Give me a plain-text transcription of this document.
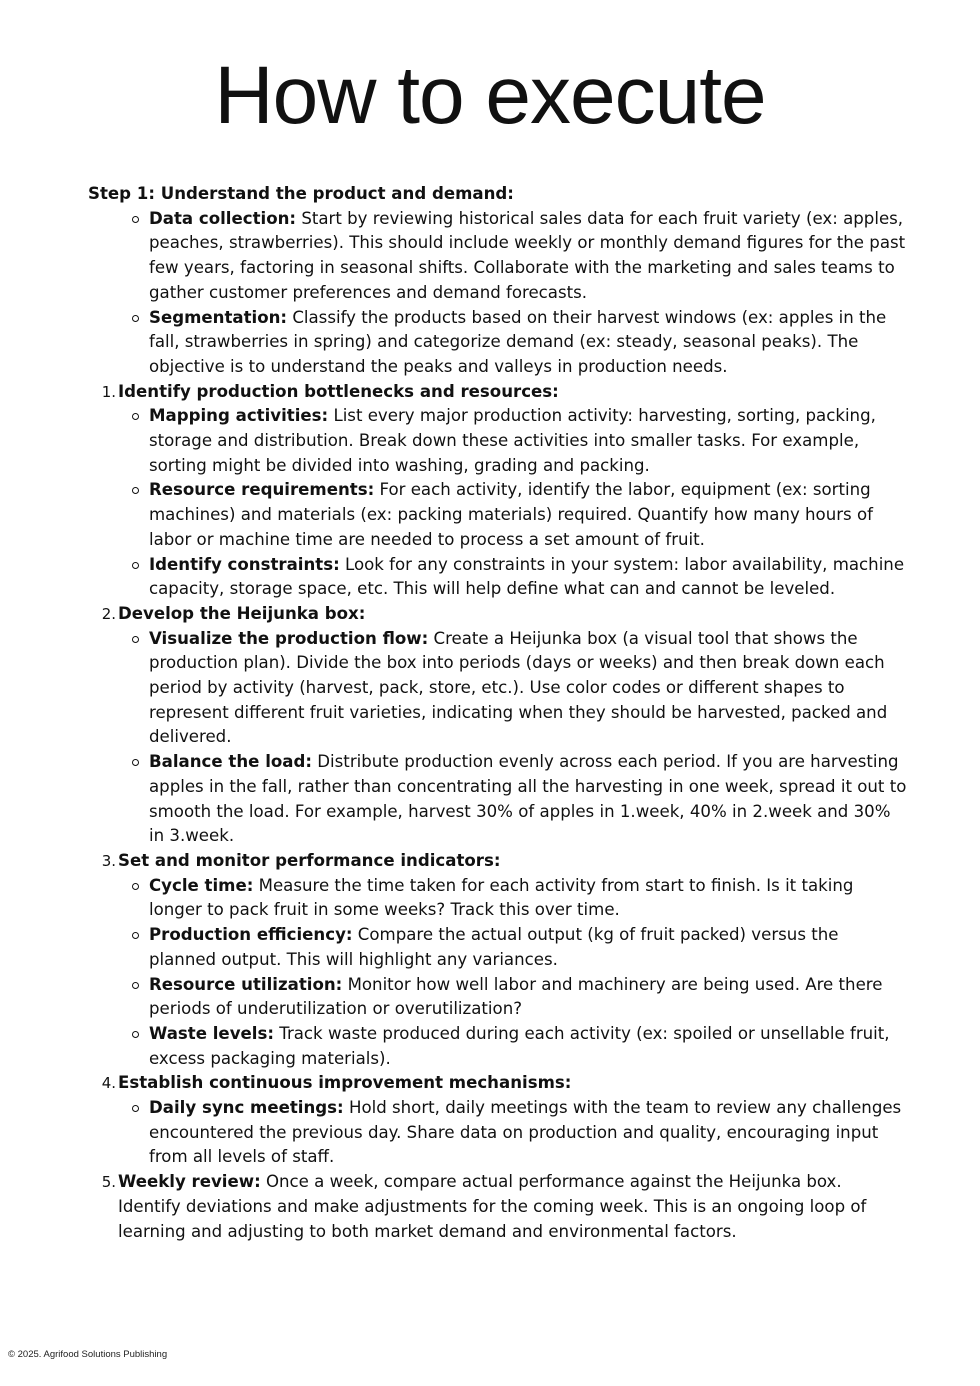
How to execute
Step 1: Understand the product and demand:
Data collection: Start by reviewing historical sales data for each fruit variety (ex: apples, peaches, strawberries). This should include weekly or monthly demand figures for the past few years, factoring in seasonal shifts. Collaborate with the marketing and sales teams to gather customer preferences and demand forecasts.
Segmentation: Classify the products based on their harvest windows (ex: apples in the fall, strawberries in spring) and categorize demand (ex: steady, seasonal peaks). The objective is to understand the peaks and valleys in production needs.
1. Identify production bottlenecks and resources:
Mapping activities: List every major production activity: harvesting, sorting, packing, storage and distribution. Break down these activities into smaller tasks. For example, sorting might be divided into washing, grading and packing.
Resource requirements: For each activity, identify the labor, equipment (ex: sorting machines) and materials (ex: packing materials) required. Quantify how many hours of labor or machine time are needed to process a set amount of fruit.
Identify constraints: Look for any constraints in your system: labor availability, machine capacity, storage space, etc. This will help define what can and cannot be leveled.
2. Develop the Heijunka box:
Visualize the production flow: Create a Heijunka box (a visual tool that shows the production plan). Divide the box into periods (days or weeks) and then break down each period by activity (harvest, pack, store, etc.). Use color codes or different shapes to represent different fruit varieties, indicating when they should be harvested, packed and delivered.
Balance the load: Distribute production evenly across each period. If you are harvesting apples in the fall, rather than concentrating all the harvesting in one week, spread it out to smooth the load. For example, harvest 30% of apples in 1.week, 40% in 2.week and 30% in 3.week.
3. Set and monitor performance indicators:
Cycle time: Measure the time taken for each activity from start to finish. Is it taking longer to pack fruit in some weeks? Track this over time.
Production efficiency: Compare the actual output (kg of fruit packed) versus the planned output. This will highlight any variances.
Resource utilization: Monitor how well labor and machinery are being used. Are there periods of underutilization or overutilization?
Waste levels: Track waste produced during each activity (ex: spoiled or unsellable fruit, excess packaging materials).
4. Establish continuous improvement mechanisms:
Daily sync meetings: Hold short, daily meetings with the team to review any challenges encountered the previous day. Share data on production and quality, encouraging input from all levels of staff.
5. Weekly review: Once a week, compare actual performance against the Heijunka box. Identify deviations and make adjustments for the coming week. This is an ongoing loop of learning and adjusting to both market demand and environmental factors.
© 2025. Agrifood Solutions Publishing
